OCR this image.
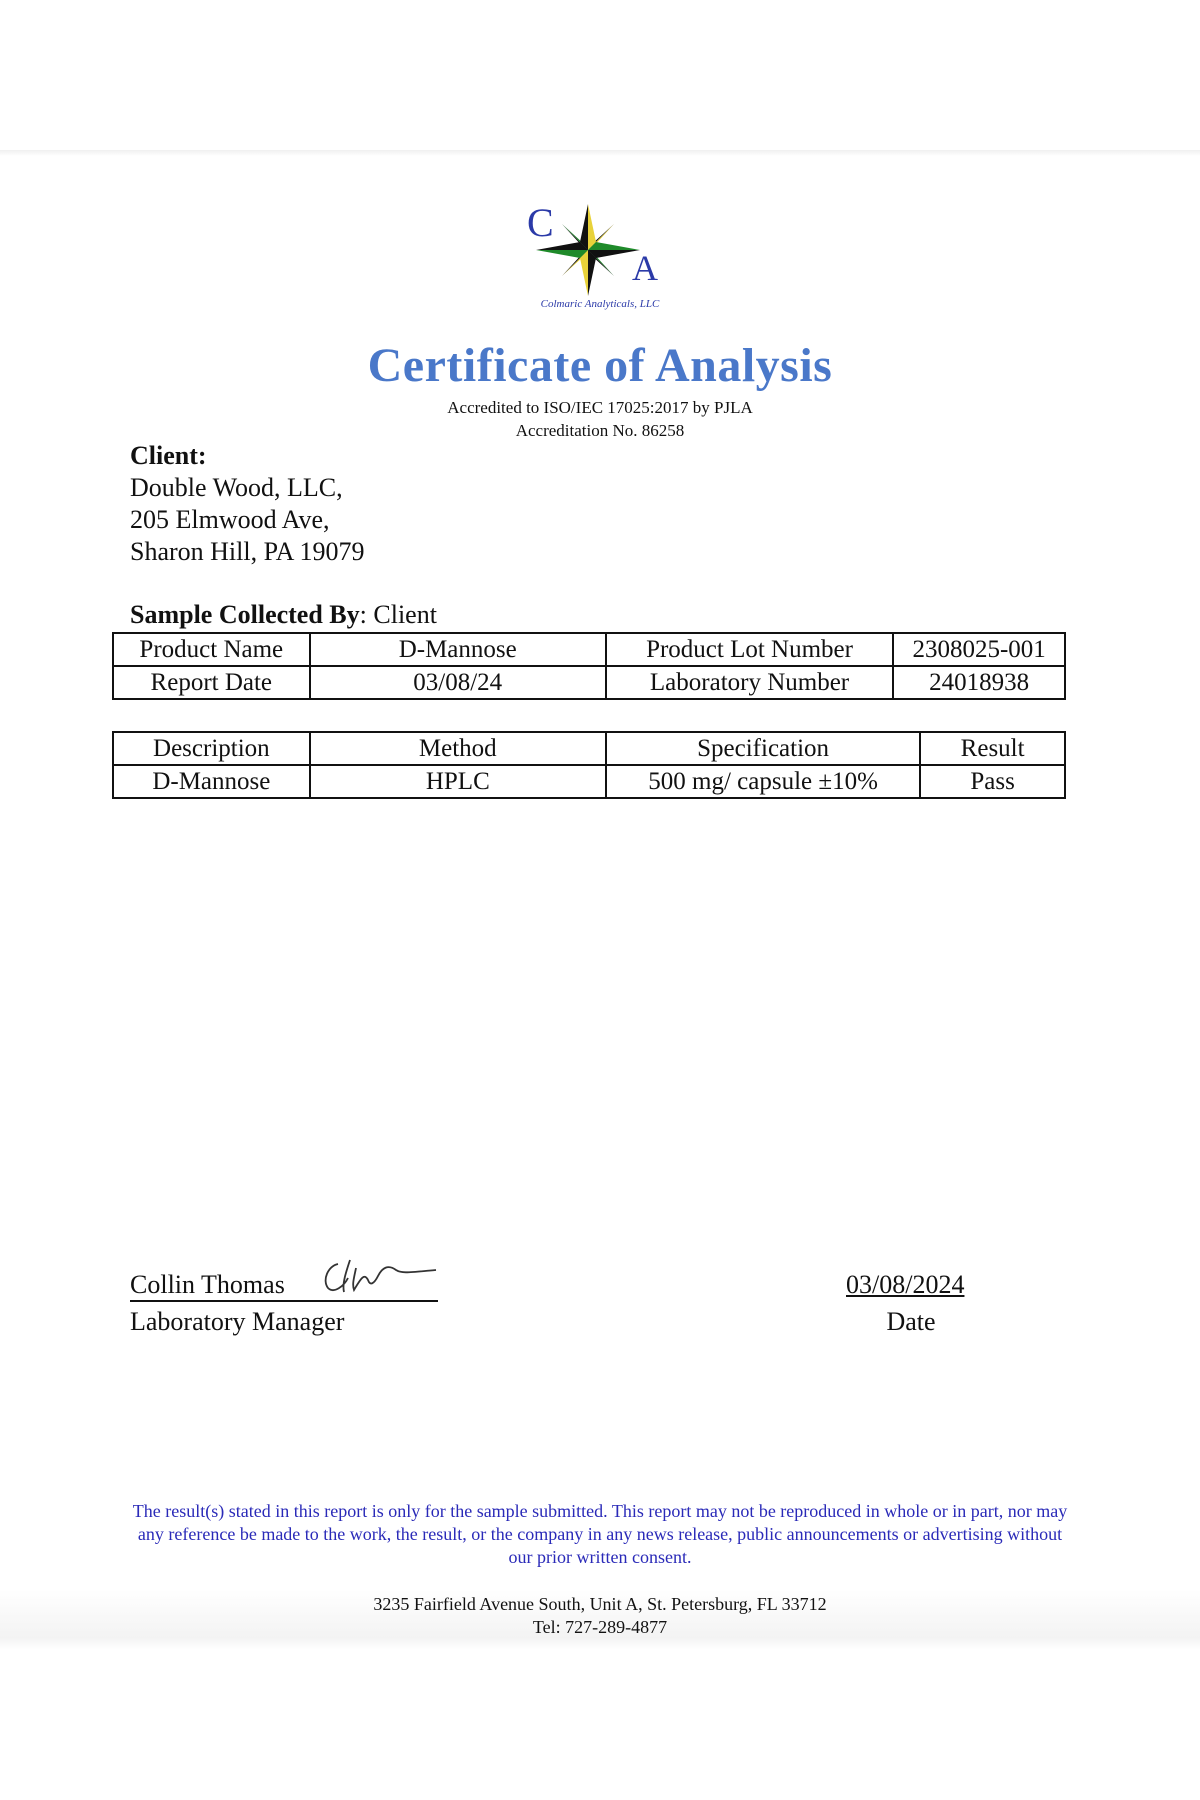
C
A
Colmaric Analyticals, LLC
Certificate of Analysis
Accredited to ISO/IEC 17025:2017 by PJLA
Accreditation No. 86258
Client:
Double Wood, LLC,
205 Elmwood Ave,
Sharon Hill, PA 19079
Sample Collected By: Client
Product Name	D-Mannose	Product Lot Number	2308025-001
Report Date	03/08/24	Laboratory Number	24018938
Description	Method	Specification	Result
D-Mannose	HPLC	500 mg/ capsule ±10%	Pass
Collin Thomas
Laboratory Manager
03/08/2024
Date
The result(s) stated in this report is only for the sample submitted. This report may not be reproduced in whole or in part, nor may any reference be made to the work, the result, or the company in any news release, public announcements or advertising without our prior written consent.
3235 Fairfield Avenue South, Unit A, St. Petersburg, FL 33712
Tel: 727-289-4877
